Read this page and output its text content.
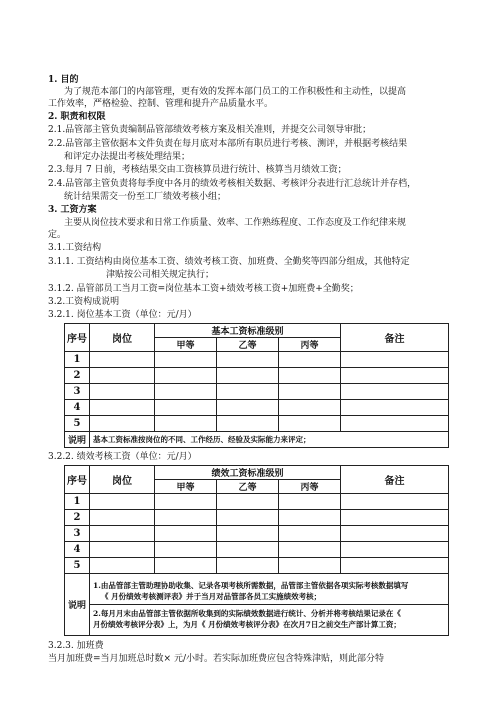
1. 目的
为了规范本部门的内部管理，更有效的发挥本部门员工的工作积极性和主动性，以提高
工作效率，严格检验、控制、管理和提升产品质量水平。
2. 职责和权限
2.1.品管部主管负责编制品管部绩效考核方案及相关准则，并提交公司领导审批；
2.2.品管部主管依据本文件负责在每月底对本部所有职员进行考核、测评，并根据考核结果
和评定办法提出考核处理结果；
2.3.每月 7 日前，考核结果交由工资核算员进行统计、核算当月绩效工资；
2.4.品管部主管负责将每季度中各月的绩效考核相关数据、考核评分表进行汇总统计并存档，
统计结果需交一份至工厂绩效考核小组；
3. 工资方案
主要从岗位技术要求和日常工作质量、效率、工作熟练程度、工作态度及工作纪律来规
定。
3.1.工资结构
3.1.1. 工资结构由岗位基本工资、绩效考核工资、加班费、全勤奖等四部分组成，其他特定
津贴按公司相关规定执行；
3.1.2. 品管部员工当月工资=岗位基本工资+绩效考核工资+加班费+全勤奖；
3.2.工资构成说明
3.2.1. 岗位基本工资（单位：元/月）
序号	岗位	基本工资标准级别			备注
		甲等	乙等	丙等	
1					
2					
3					
4					
5					
说明	基本工资标准按岗位的不同、工作经历、经验及实际能力来评定；				
3.2.2. 绩效考核工资（单位：元/月）
序号	岗位	绩效工资标准级别			备注
		甲等	乙等	丙等	
1					
2					
3					
4					
5					
说明	1.由品管部主管助理协助收集、记录各项考核所需数据，品管部主管依据各项实际考核数据填写
《 月份绩效考核测评表》并于当月对品管部各员工实施绩效考核；
2.每月月末由品管部主管依据所收集到的实际绩效数据进行统计、分析并将考核结果记录在《
月份绩效考核评分表》上，为月《 月份绩效考核评分表》在次月7日之前交生产部计算工资；				
3.2.3. 加班费
当月加班费=当月加班总时数× 元/小时。若实际加班费应包含特殊津贴，则此部分特
